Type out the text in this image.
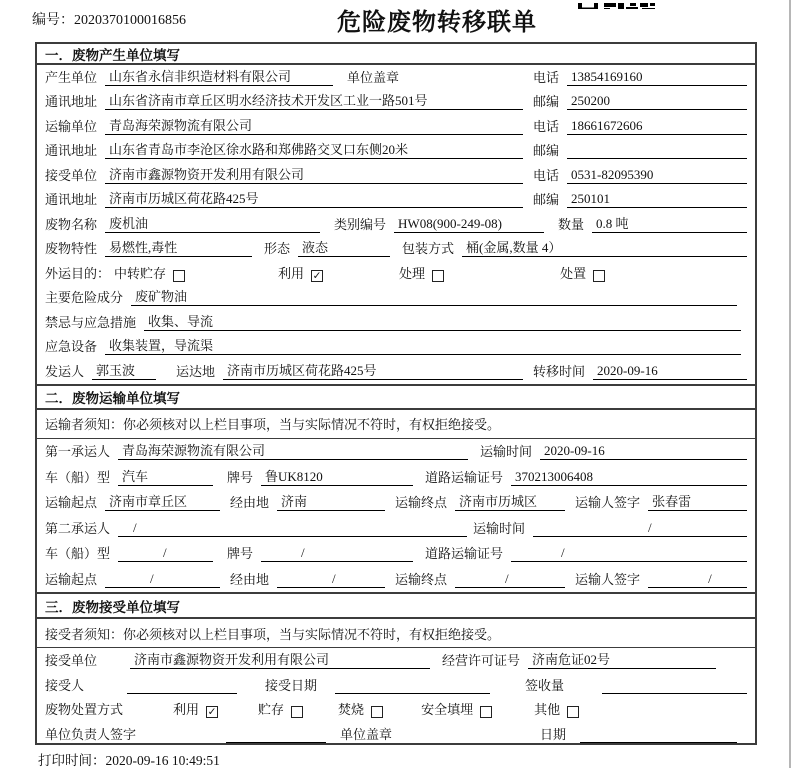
编号：2020370100016856	危险废物转移联单
一．废物产生单位填写
产生单位 山东省永信非织造材料有限公司	单位盖章	电话 13854169160
通讯地址 山东省济南市章丘区明水经济技术开发区工业一路501号	邮编 250200
运输单位 青岛海荣源物流有限公司	电话 18661672606
通讯地址 山东省青岛市李沧区徐水路和郑佛路交叉口东侧20米	邮编
接受单位 济南市鑫源物资开发利用有限公司	电话 0531-82095390
通讯地址 济南市历城区荷花路425号	邮编 250101
废物名称 废机油	类别编号 HW08(900-249-08)	数量 0.8 吨
废物特性 易燃性,毒性	形态 液态	包装方式 桶(金属,数量 4）
外运目的： 中转贮存	利用 ✓	处理	处置
主要危险成分 废矿物油
禁忌与应急措施 收集、导流
应急设备 收集装置，导流渠
发运人 郭玉波	运达地 济南市历城区荷花路425号	转移时间 2020-09-16
二．废物运输单位填写
运输者须知：你必须核对以上栏目事项，当与实际情况不符时，有权拒绝接受。
第一承运人 青岛海荣源物流有限公司	运输时间 2020-09-16
车（船）型 汽车	牌号 鲁UK8120	道路运输证号 370213006408
运输起点 济南市章丘区	经由地 济南	运输终点 济南市历城区	运输人签字 张春雷
第二承运人	/	运输时间	/
车（船）型	/	牌号	/	道路运输证号	/
运输起点	/	经由地	/	运输终点	/	运输人签字	/
三．废物接受单位填写
接受者须知：你必须核对以上栏目事项，当与实际情况不符时，有权拒绝接受。
接受单位	济南市鑫源物资开发利用有限公司	经营许可证号 济南危证02号
接受人	接受日期	签收量
废物处置方式	利用 ✓	贮存	焚烧	安全填埋	其他
单位负责人签字	单位盖章	日期
打印时间：2020-09-16 10:49:51
